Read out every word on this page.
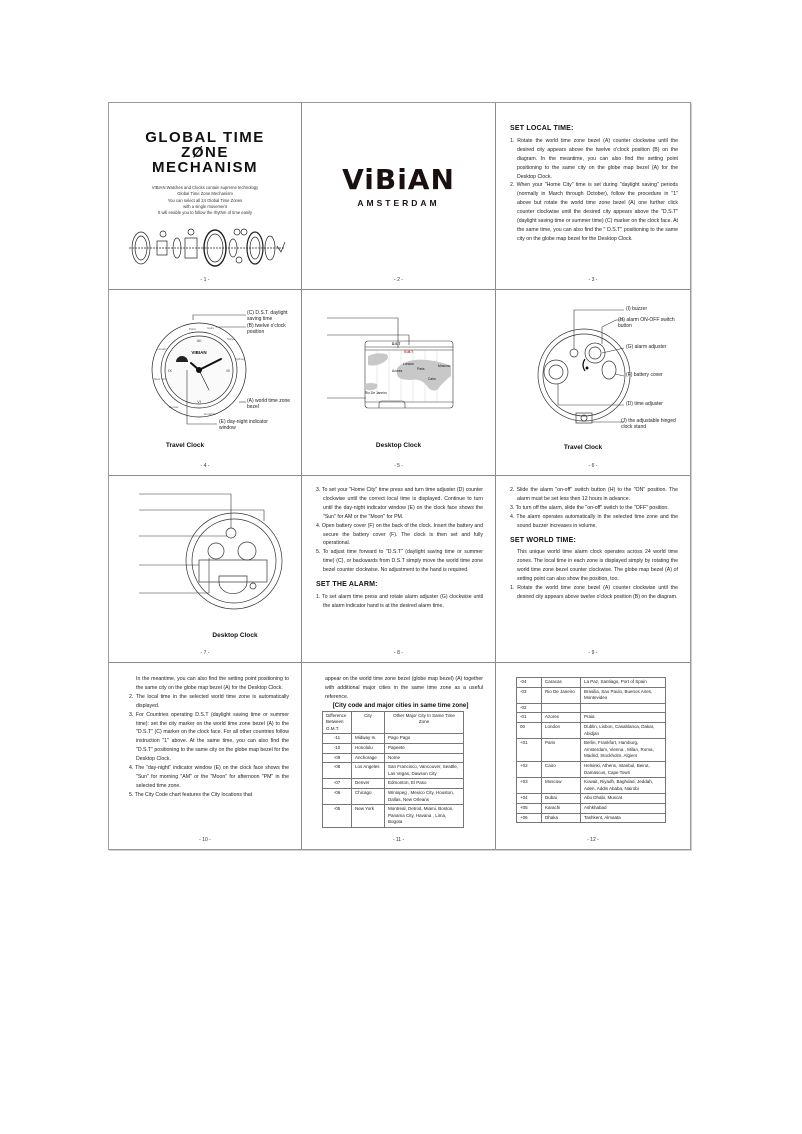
GLOBAL TIME
ZØNE
MECHANISM
VIBIAN Watches and Clocks contain supreme technology
Global Time Zone Mechanism
You can select all 24 Global Time Zones
with a single movement
It will enable you to follow the rhythm of time easily
- 1 -
ViBiAN
AMSTERDAM
- 2 -

SET LOCAL TIME:

1. Rotate the world time zone bezel (A) counter clockwise until the desired city appears above the twelve o'clock position (B) on the diagram. In the meantime, you can also find the setting point positioning to the same city on the globe map bezel (A) for the Desktop Clock.

2. When your "Home City" time is set during "daylight saving" periods (normally in March through October), follow the procedure in "1" above but rotate the world time zone bezel (A) one further click counter clockwise until the desired city appears above the "D.S.T" (daylight saving time or summer time) (C) marker on the clock face. At the same time, you can also find the " D.S.T" positioning to the same city on the globe map bezel for the Desktop Clock.

- 3 -
XII
VI
III
IX
VIBIAN
Paris	Cairo
Tokyo
Sydney
London
New York
Denver
Honolulu
(C) D.S.T. daylight saving time
(B) twelve o'clock position
(A) world time zone bezel
(E) day-night indicator window
Travel Clock
- 4 -
D.S.T
G.M.T
London
Paris
Moscow
Azores
Cairo
Rio De Janeiro
Desktop Clock
- 5 -
(I) buzzer
(H) alarm ON-OFF switch button
(G) alarm adjuster
(F) battery cover
(D) time adjuster
(J) the adjustable hinged clock stand
Travel Clock
- 6 -
Desktop Clock
- 7 -

3. To set your "Home City" time press and turn time adjuster (D) counter clockwise until the correct local time is displayed. Continue to turn until the day-night indicator window (E) on the clock face shows the "Sun" for AM or the "Moon" for PM.

4. Open battery cover (F) on the back of the clock. Insert the battery and secure the battery cover (F). The clock is then set and fully operational.

5. To adjust time forward to "D.S.T" (daylight saving time or summer time) (C), or backwards from D.S.T simply move the world time zone bezel counter clockwise. No adjustment to the hand is required.

SET THE ALARM:

1. To set alarm time press and rotate alarm adjuster (G) clockwise until the alarm indicator hand is at the desired alarm time.

- 8 -

2. Slide the alarm "on-off" switch button (H) to the "ON" position. The alarm must be set less then 12 hours in advance.

3. To turn off the alarm, slide the "on-off" switch to the "OFF" position.

4. The alarm operates automatically in the selected time zone and the sound buzzer increases in volume.

SET WORLD TIME:

This unique world time alarm clock operates across 24 world time zones. The local time in each zone is displayed simply by rotating the world time zone bezel counter clockwise. The globe map bezel (A) of setting point can also show the position, too.

1. Rotate the world time zone bezel (A) counter clockwise until the desired city appears above twelve o'clock position (B) on the diagram.

- 9 -

In the meantime, you can also find the setting point positioning to the same city on the globe map bezel (A) for the Desktop Clock.

2. The local time in the selected world time zone is automatically displayed.

3. For Countries operating D.S.T (daylight saving time or summer time): set the city marker on the world time zone bezel (A) to the "D.S.T" (C) marker on the clock face. For all other countries follow instruction "1" above. At the same time, you can also find the "D.S.T" positioning to the same city on the globe map bezel for the Desktop Clock.

4. The "day-night" indicator window (E) on the clock face shows the "Sun" for morning "AM" or the "Moon" for afternoon "PM" in the selected time zone.

5. The City Code chart features the City locations that

- 10 -

appear on the world time zone bezel (globe map bezel) (A) together with additional major cities in the same time zone as a useful reference.

[City code and major cities in same time zone]

Difference Between G.M.T.	City	Other Major City In Same Time Zone
-11	Midway Is.	Pago Pago
-10	Honolulu	Papeete
-09	Anchorage	Nome
-08	Los Angeles	San Francisco, Vancouver, Seattle, Las Vegas, Dawson City
-07	Denver	Edmonton, El Paso
-06	Chicago	Winnipeg , Mexico City, Houston, Dallas, New Orleans
-05	New York	Montreal, Detroit, Miami, Boston, Panama City, Havana , Lima, Bogota
- 11 -
-04	Caracas	La Paz, Santiago, Port of Spain
-03	Rio De Janeiro	Brasilia, Sao Paulo, Buenos Aires, Montevideo
-02		
-01	Azores	Praia
00	London	Dublin, Lisbon, Casablanca, Dakar, Abidjan
+01	Paris	Berlin, Frankfurt, Hamburg, Amsterdam, Vienna , Milan, Roma, Madrid, Stockholm, Algiers
+02	Cairo	Helsinki, Athens, Istanbul, Beirut, Damascus, Cape Town
+03	Moscow	Kuwait, Riyadh, Baghdad, Jeddah, Aden, Addis Ababa, Nairobi
+04	Dubai	Abu Dhabi, Muscat
+05	Karachi	Ashkhabad
+06	Dhaka	Tashkent, Almaata
- 12 -
